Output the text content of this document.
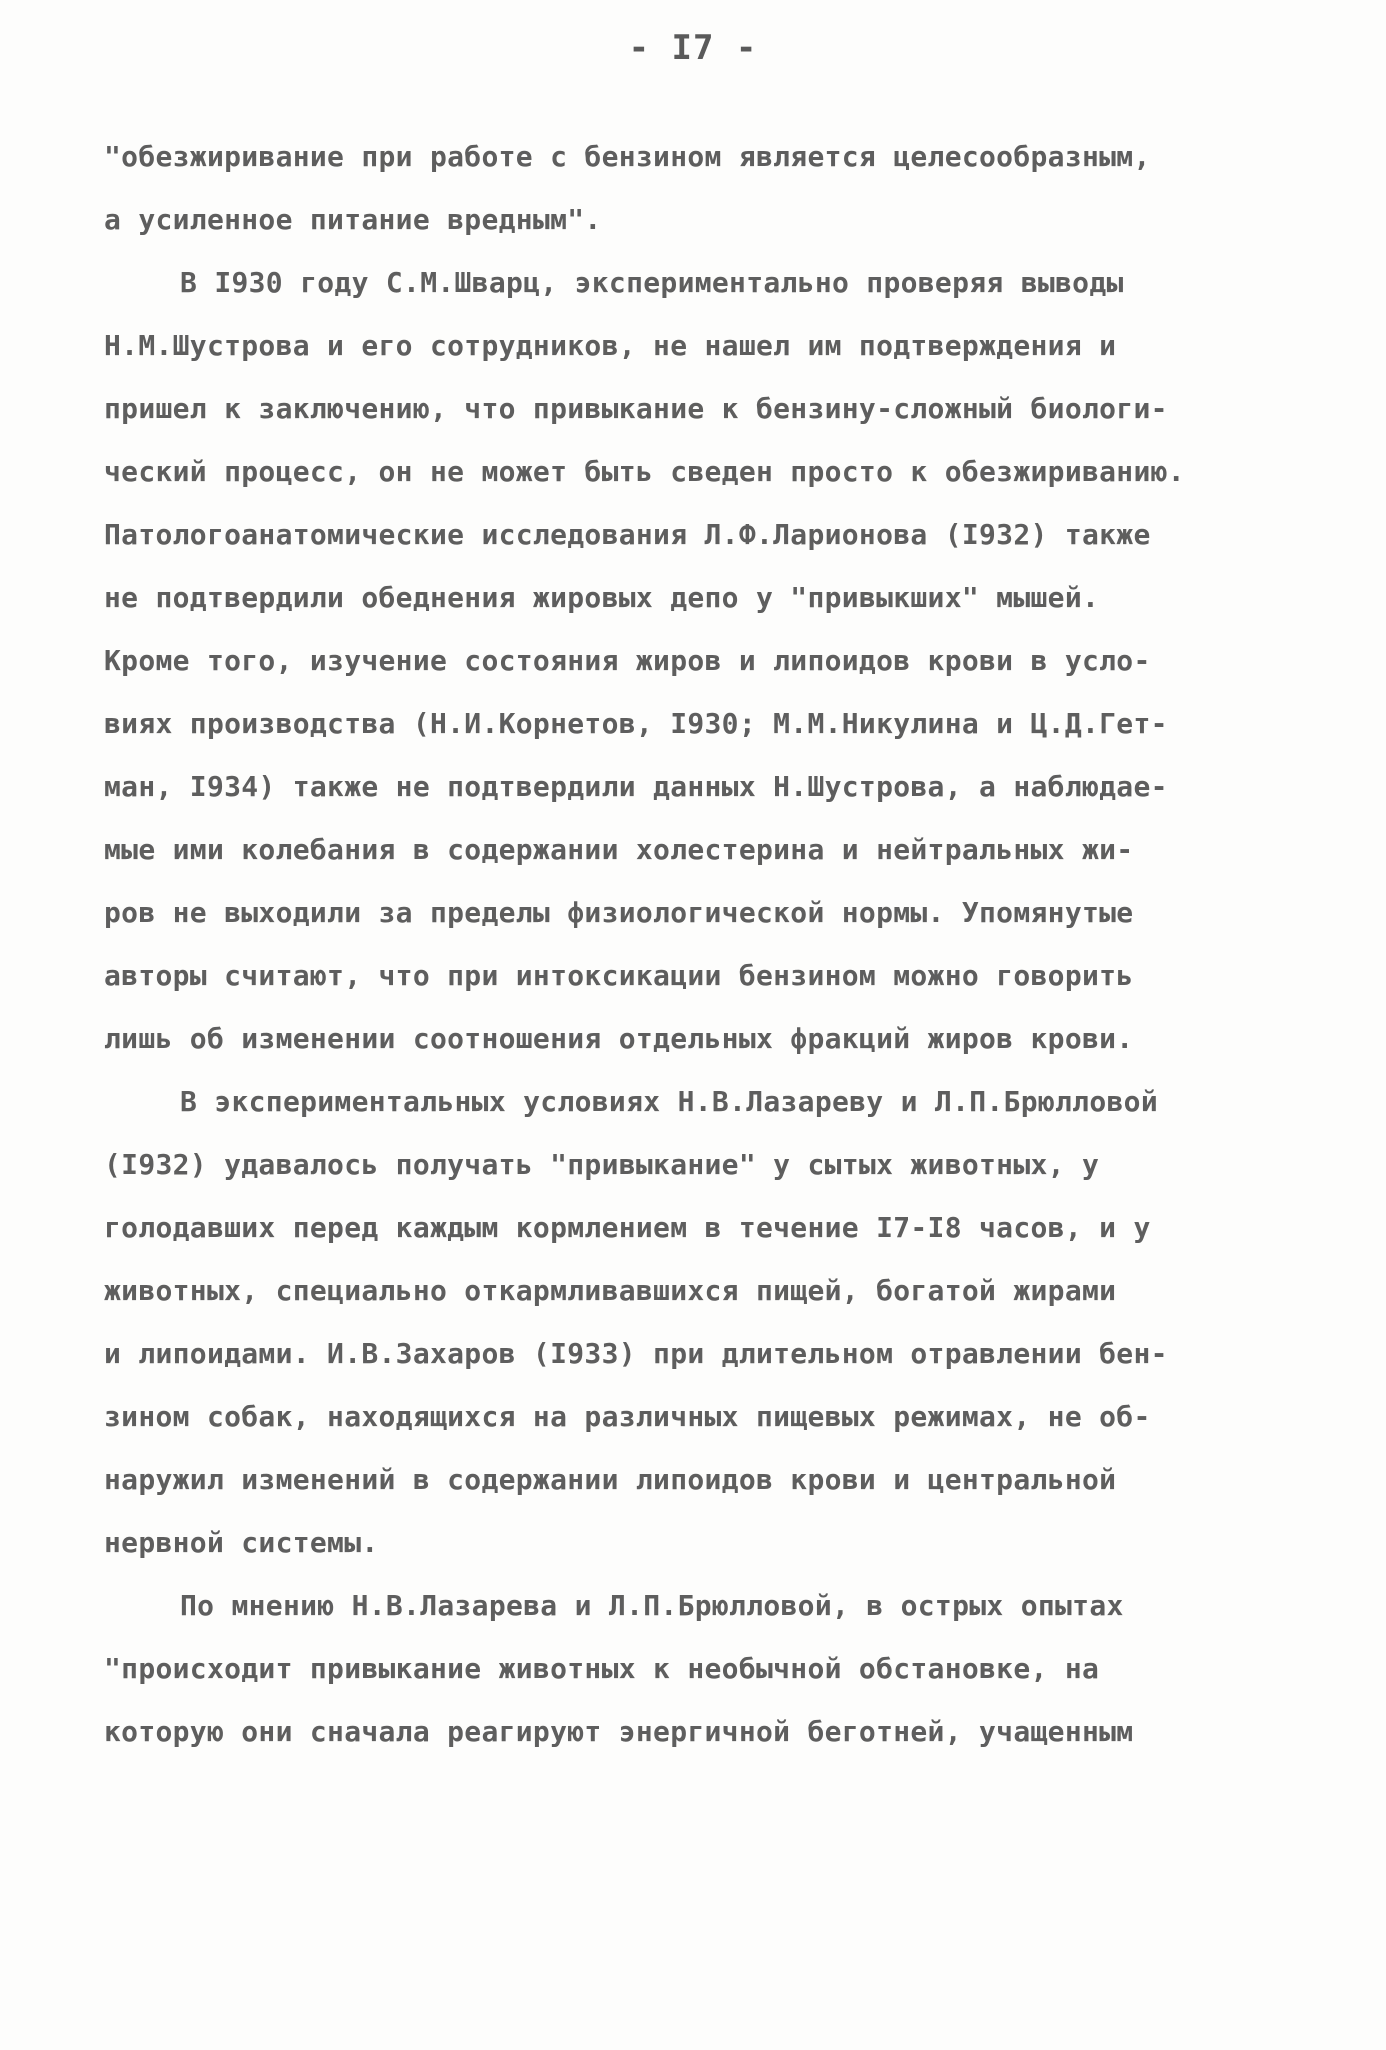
- I7 -
"обезжиривание при работе с бензином является целесообразным,
а усиленное питание вредным".
В I930 году С.М.Шварц, экспериментально проверяя выводы
Н.М.Шустрова и его сотрудников, не нашел им подтверждения и
пришел к заключению, что привыкание к бензину-сложный биологи-
ческий процесс, он не может быть сведен просто к обезжириванию.
Патологоанатомические исследования Л.Ф.Ларионова (I932) также
не подтвердили обеднения жировых депо у "привыкших" мышей.
Кроме того, изучение состояния жиров и липоидов крови в усло-
виях производства (Н.И.Корнетов, I930; М.М.Никулина и Ц.Д.Гет-
ман, I934) также не подтвердили данных Н.Шустрова, а наблюдае-
мые ими колебания в содержании холестерина и нейтральных жи-
ров не выходили за пределы физиологической нормы. Упомянутые
авторы считают, что при интоксикации бензином можно говорить
лишь об изменении соотношения отдельных фракций жиров крови.
В экспериментальных условиях Н.В.Лазареву и Л.П.Брюлловой
(I932) удавалось получать "привыкание" у сытых животных, у
голодавших перед каждым кормлением в течение I7-I8 часов, и у
животных, специально откармливавшихся пищей, богатой жирами
и липоидами. И.В.Захаров (I933) при длительном отравлении бен-
зином собак, находящихся на различных пищевых режимах, не об-
наружил изменений в содержании липоидов крови и центральной
нервной системы.
По мнению Н.В.Лазарева и Л.П.Брюлловой, в острых опытах
"происходит привыкание животных к необычной обстановке, на
которую они сначала реагируют энергичной беготней, учащенным
